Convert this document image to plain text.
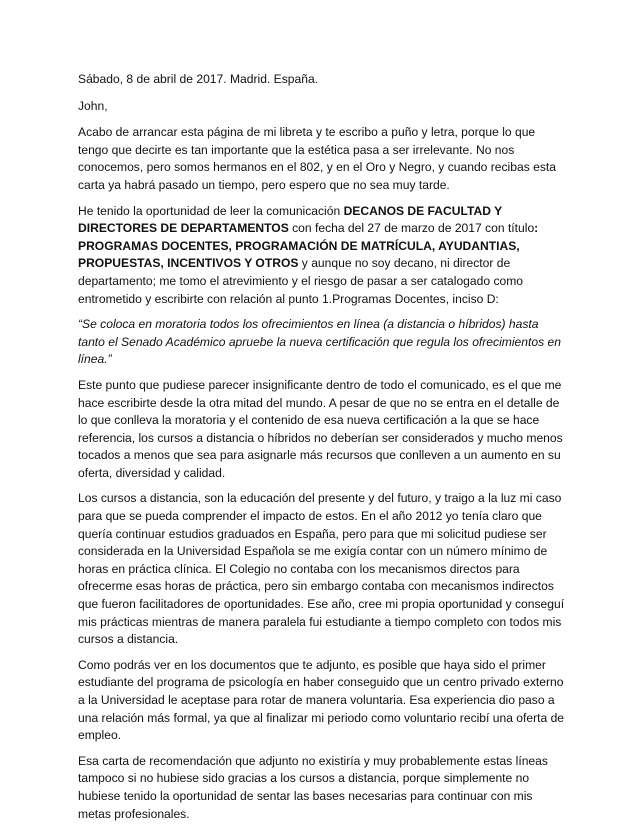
Sábado, 8 de abril de 2017. Madrid. España.

John,

Acabo de arrancar esta página de mi libreta y te escribo a puño y letra, porque lo que tengo que decirte es tan importante que la estética pasa a ser irrelevante. No nos conocemos, pero somos hermanos en el 802, y en el Oro y Negro, y cuando recibas esta carta ya habrá pasado un tiempo, pero espero que no sea muy tarde.

He tenido la oportunidad de leer la comunicación DECANOS DE FACULTAD Y DIRECTORES DE DEPARTAMENTOS con fecha del 27 de marzo de 2017 con título: PROGRAMAS DOCENTES, PROGRAMACIÓN DE MATRÍCULA, AYUDANTIAS, PROPUESTAS, INCENTIVOS Y OTROS y aunque no soy decano, ni director de departamento; me tomo el atrevimiento y el riesgo de pasar a ser catalogado como entrometido y escribirte con relación al punto 1.Programas Docentes, inciso D:

“Se coloca en moratoria todos los ofrecimientos en línea (a distancia o híbridos) hasta tanto el Senado Académico apruebe la nueva certificación que regula los ofrecimientos en línea.”

Este punto que pudiese parecer insignificante dentro de todo el comunicado, es el que me hace escribirte desde la otra mitad del mundo. A pesar de que no se entra en el detalle de lo que conlleva la moratoria y el contenido de esa nueva certificación a la que se hace referencia, los cursos a distancia o híbridos no deberían ser considerados y mucho menos tocados a menos que sea para asignarle más recursos que conlleven a un aumento en su oferta, diversidad y calidad.

Los cursos a distancia, son la educación del presente y del futuro, y traigo a la luz mi caso para que se pueda comprender el impacto de estos. En el año 2012 yo tenía claro que quería continuar estudios graduados en España, pero para que mi solicitud pudiese ser considerada en la Universidad Española se me exigía contar con un número mínimo de horas en práctica clínica. El Colegio no contaba con los mecanismos directos para ofrecerme esas horas de práctica, pero sin embargo contaba con mecanismos indirectos que fueron facilitadores de oportunidades. Ese año, cree mi propia oportunidad y conseguí mis prácticas mientras de manera paralela fui estudiante a tiempo completo con todos mis cursos a distancia.

Como podrás ver en los documentos que te adjunto, es posible que haya sido el primer estudiante del programa de psicología en haber conseguido que un centro privado externo a la Universidad le aceptase para rotar de manera voluntaria. Esa experiencia dio paso a una relación más formal, ya que al finalizar mi periodo como voluntario recibí una oferta de empleo.

Esa carta de recomendación que adjunto no existiría y muy probablemente estas líneas tampoco si no hubiese sido gracias a los cursos a distancia, porque simplemente no hubiese tenido la oportunidad de sentar las bases necesarias para continuar con mis metas profesionales.
